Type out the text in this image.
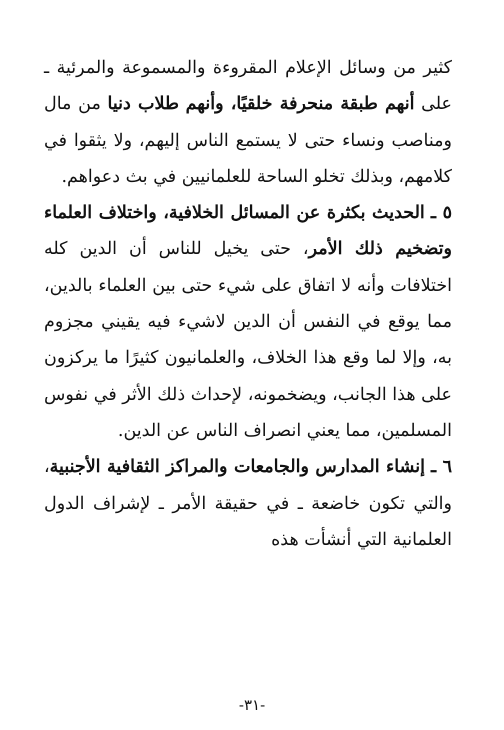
كثير من وسائل الإعلام المقروءة والمسموعة والمرئية ـ على أنهم طبقة منحرفة خلقيًا، وأنهم طلاب دنيا من مال ومناصب ونساء حتى لا يستمع الناس إليهم، ولا يثقوا في كلامهم، وبذلك تخلو الساحة للعلمانيين في بث دعواهم.

٥ ـ الحديث بكثرة عن المسائل الخلافية، واختلاف العلماء وتضخيم ذلك الأمر، حتى يخيل للناس أن الدين كله اختلافات وأنه لا اتفاق على شيء حتى بين العلماء بالدين، مما يوقع في النفس أن الدين لاشيء فيه يقيني مجزوم به، وإلا لما وقع هذا الخلاف، والعلمانيون كثيرًا ما يركزون على هذا الجانب، ويضخمونه، لإحداث ذلك الأثر في نفوس المسلمين، مما يعني انصراف الناس عن الدين.

٦ ـ إنشاء المدارس والجامعات والمراكز الثقافية الأجنبية، والتي تكون خاضعة ـ في حقيقة الأمر ـ لإشراف الدول العلمانية التي أنشأت هذه

-٣١-
